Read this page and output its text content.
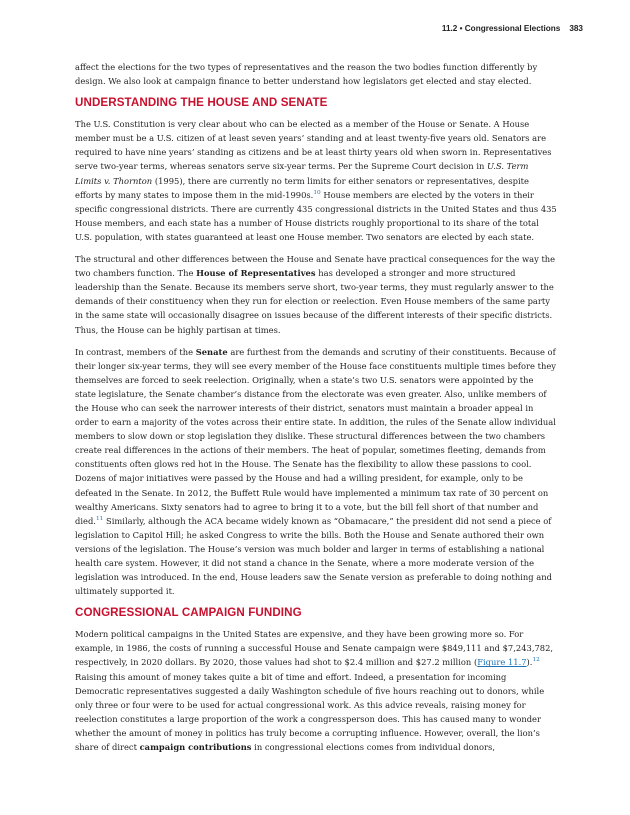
11.2 • Congressional Elections 383

affect the elections for the two types of representatives and the reason the two bodies function differently by design. We also look at campaign finance to better understand how legislators get elected and stay elected.

UNDERSTANDING THE HOUSE AND SENATE

The U.S. Constitution is very clear about who can be elected as a member of the House or Senate. A House member must be a U.S. citizen of at least seven years’ standing and at least twenty-five years old. Senators are required to have nine years’ standing as citizens and be at least thirty years old when sworn in. Representatives serve two-year terms, whereas senators serve six-year terms. Per the Supreme Court decision in U.S. Term Limits v. Thornton (1995), there are currently no term limits for either senators or representatives, despite efforts by many states to impose them in the mid-1990s.$^{10}$ House members are elected by the voters in their specific congressional districts. There are currently 435 congressional districts in the United States and thus 435 House members, and each state has a number of House districts roughly proportional to its share of the total U.S. population, with states guaranteed at least one House member. Two senators are elected by each state.

The structural and other differences between the House and Senate have practical consequences for the way the two chambers function. The House of Representatives has developed a stronger and more structured leadership than the Senate. Because its members serve short, two-year terms, they must regularly answer to the demands of their constituency when they run for election or reelection. Even House members of the same party in the same state will occasionally disagree on issues because of the different interests of their specific districts. Thus, the House can be highly partisan at times.

In contrast, members of the Senate are furthest from the demands and scrutiny of their constituents. Because of their longer six-year terms, they will see every member of the House face constituents multiple times before they themselves are forced to seek reelection. Originally, when a state’s two U.S. senators were appointed by the state legislature, the Senate chamber’s distance from the electorate was even greater. Also, unlike members of the House who can seek the narrower interests of their district, senators must maintain a broader appeal in order to earn a majority of the votes across their entire state. In addition, the rules of the Senate allow individual members to slow down or stop legislation they dislike. These structural differences between the two chambers create real differences in the actions of their members. The heat of popular, sometimes fleeting, demands from constituents often glows red hot in the House. The Senate has the flexibility to allow these passions to cool. Dozens of major initiatives were passed by the House and had a willing president, for example, only to be defeated in the Senate. In 2012, the Buffett Rule would have implemented a minimum tax rate of 30 percent on wealthy Americans. Sixty senators had to agree to bring it to a vote, but the bill fell short of that number and died.$^{11}$ Similarly, although the ACA became widely known as “Obamacare,” the president did not send a piece of legislation to Capitol Hill; he asked Congress to write the bills. Both the House and Senate authored their own versions of the legislation. The House’s version was much bolder and larger in terms of establishing a national health care system. However, it did not stand a chance in the Senate, where a more moderate version of the legislation was introduced. In the end, House leaders saw the Senate version as preferable to doing nothing and ultimately supported it.

CONGRESSIONAL CAMPAIGN FUNDING

Modern political campaigns in the United States are expensive, and they have been growing more so. For example, in 1986, the costs of running a successful House and Senate campaign were $849,111 and $7,243,782, respectively, in 2020 dollars. By 2020, those values had shot to $2.4 million and $27.2 million (Figure 11.7).$^{12}$ Raising this amount of money takes quite a bit of time and effort. Indeed, a presentation for incoming Democratic representatives suggested a daily Washington schedule of five hours reaching out to donors, while only three or four were to be used for actual congressional work. As this advice reveals, raising money for reelection constitutes a large proportion of the work a congressperson does. This has caused many to wonder whether the amount of money in politics has truly become a corrupting influence. However, overall, the lion’s share of direct campaign contributions in congressional elections comes from individual donors,
